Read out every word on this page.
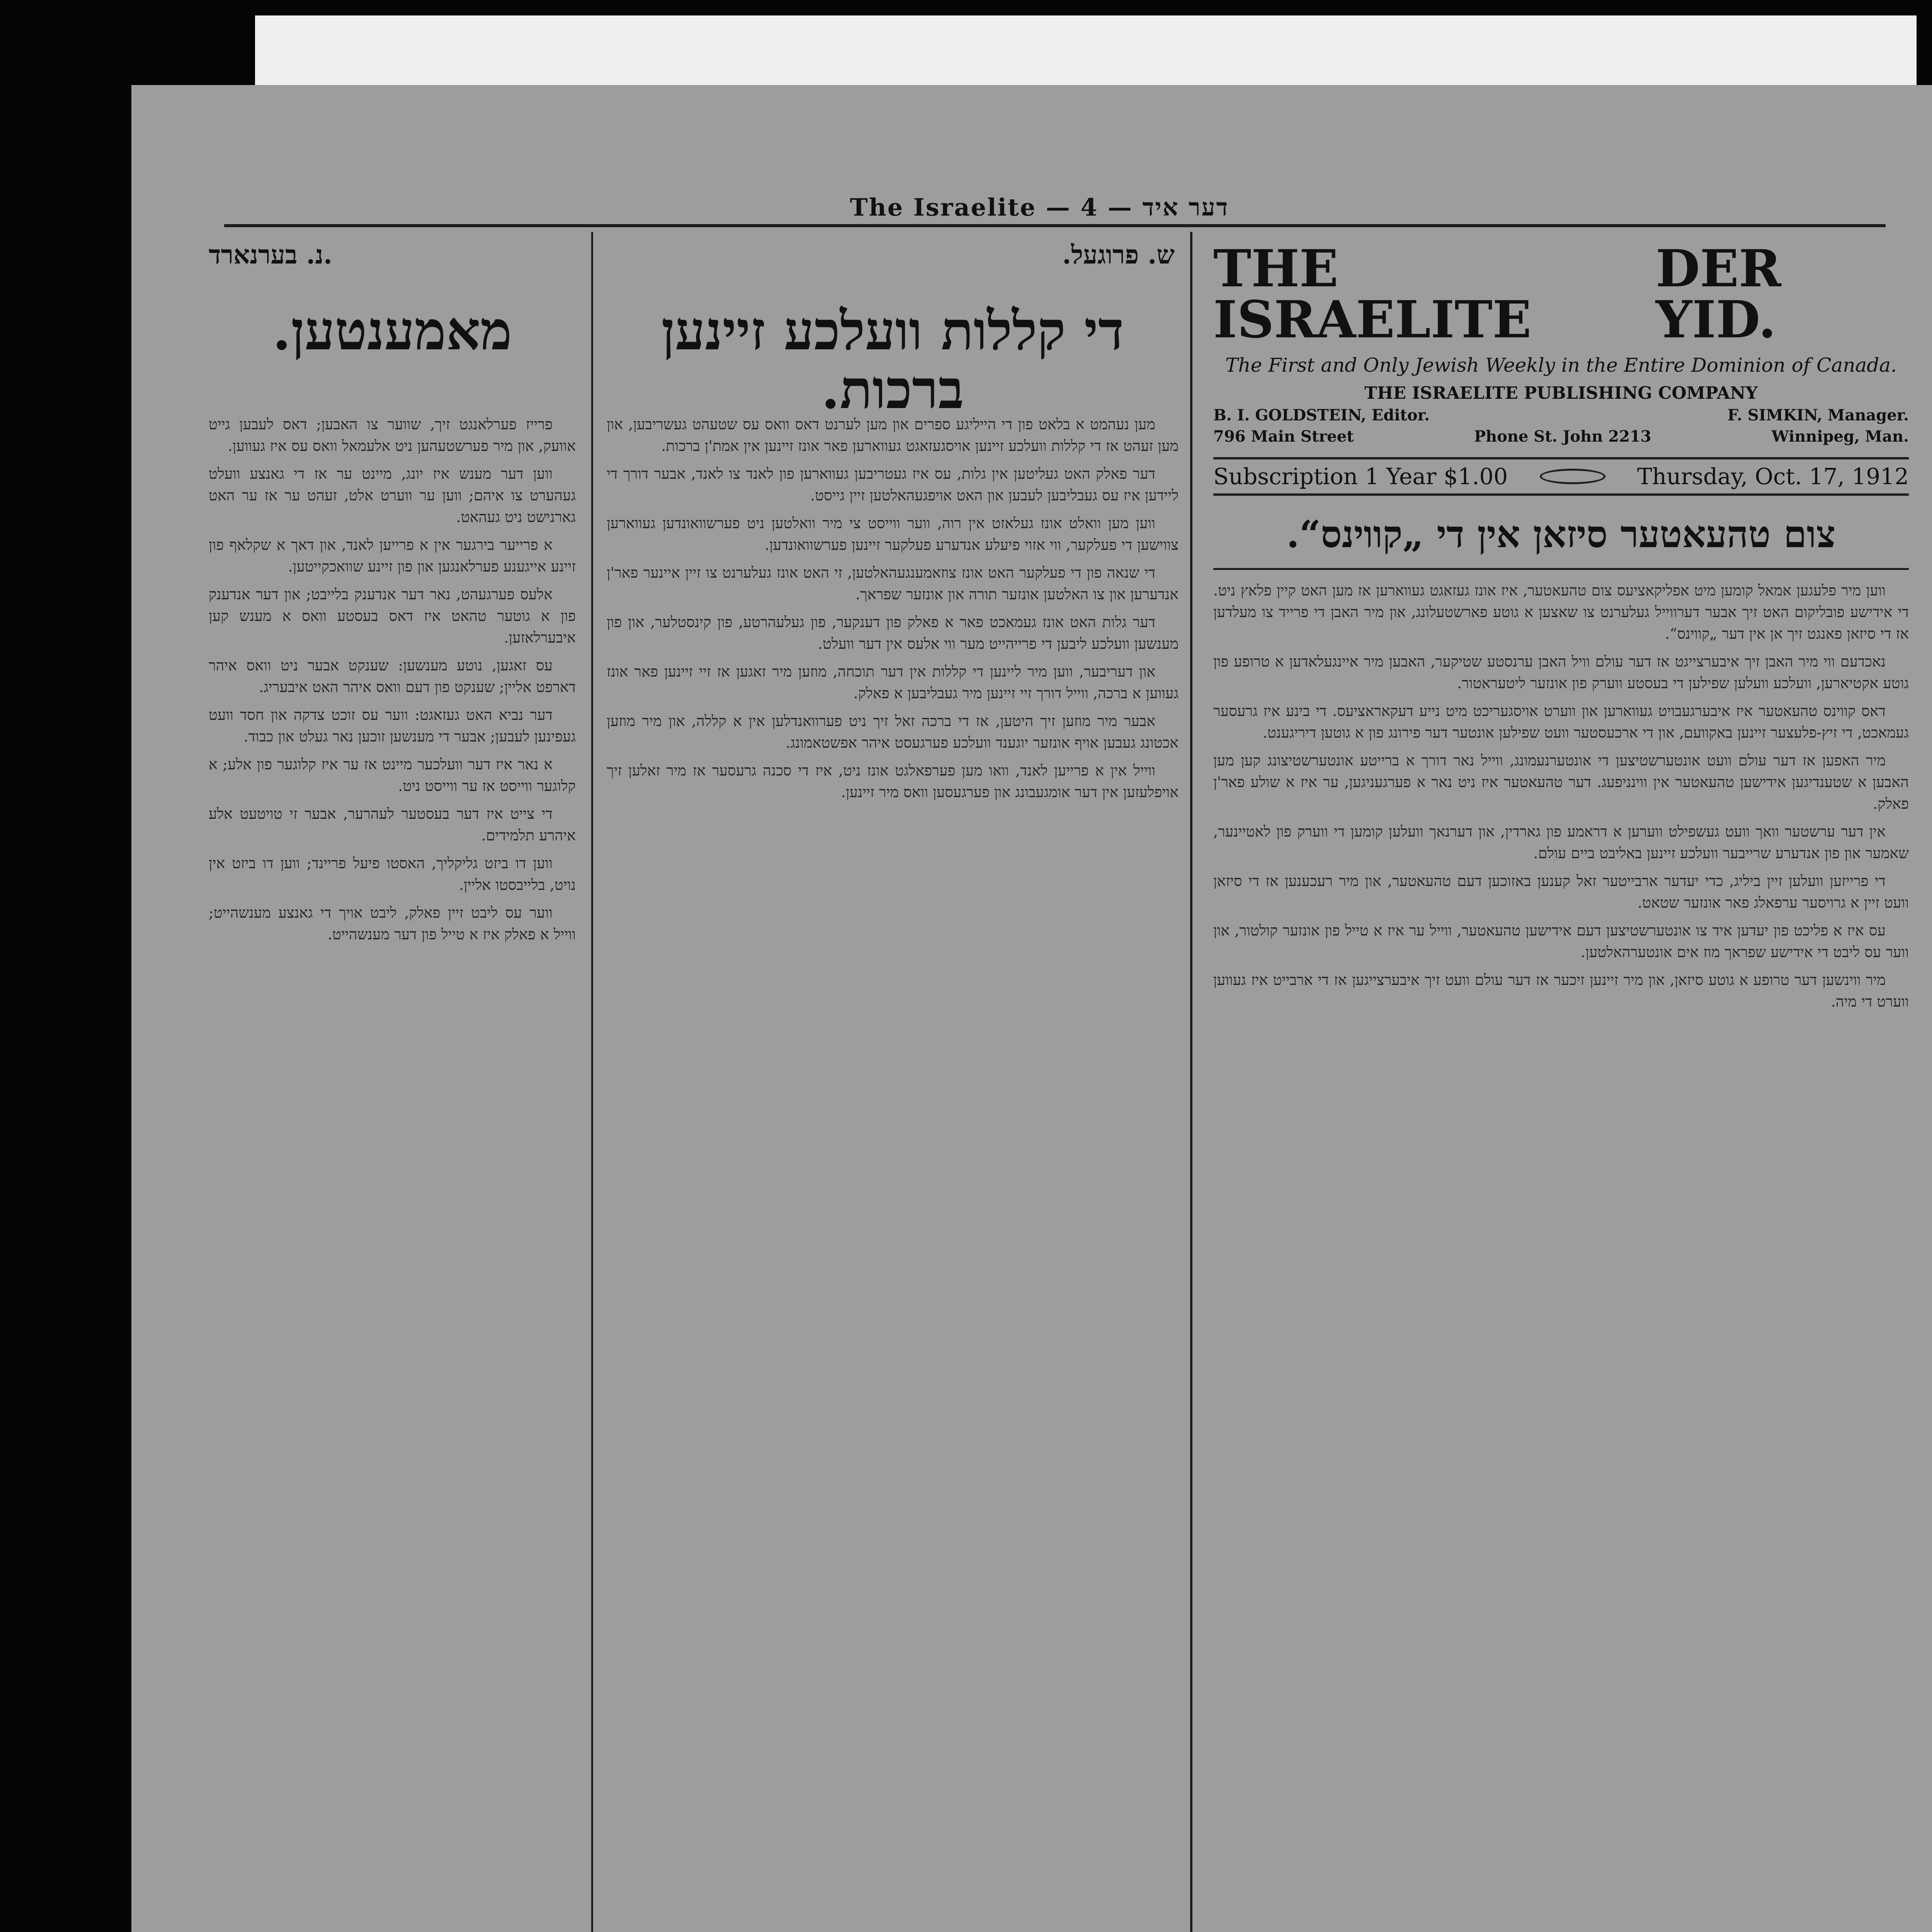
The Israelite — 4 — דער איד
THE ISRAELITE
DER YID.
The First and Only Jewish Weekly in the Entire Dominion of Canada.
THE ISRAELITE PUBLISHING COMPANY
B. I. GOLDSTEIN, Editor.	F. SIMKIN, Manager.
796 Main Street	Phone St. John 2213	Winnipeg, Man.
Subscription 1 Year $1.00	Thursday, Oct. 17, 1912
צום טהעאטער סיזאן אין די „קווינס“.

ווען מיר פלעגען אמאל קומען מיט אפליקאציעס צום טהעאטער, איז אונז געזאגט געווארען אז מען האט קיין פלאץ ניט. די אידישע פובליקום האט זיך אבער דערווייל געלערנט צו שאצען א גוטע פארשטעלונג, און מיר האבן די פרייד צו מעלדען אז די סיזאן פאנגט זיך אן אין דער „קווינס“.

נאכדעם ווי מיר האבן זיך איבערצייגט אז דער עולם וויל האבן ערנסטע שטיקער, האבען מיר איינגעלאדען א טרופע פון גוטע אקטיארען, וועלכע וועלען שפילען די בעסטע ווערק פון אונזער ליטעראטור.

דאס קווינס טהעאטער איז איבערגעבויט געווארען און ווערט אויסגעריכט מיט נייע דעקאראציעס. די בינע איז גרעסער געמאכט, די זיץ-פלעצער זיינען באקוועם, און די ארכעסטער וועט שפילען אונטער דער פירונג פון א גוטען דיריגענט.

מיר האפען אז דער עולם וועט אונטערשטיצען די אונטערנעמונג, ווייל נאר דורך א ברייטע אונטערשטיצונג קען מען האבען א שטענדיגען אידישען טהעאטער אין ווינניפעג. דער טהעאטער איז ניט נאר א פערגעניגען, ער איז א שולע פאר'ן פאלק.

אין דער ערשטער וואך וועט געשפילט ווערען א דראמע פון גארדין, און דערנאך וועלען קומען די ווערק פון לאטיינער, שאמער און פון אנדערע שרייבער וועלכע זיינען באליבט ביים עולם.

די פרייזען וועלען זיין ביליג, כדי יעדער ארבייטער זאל קענען באזוכען דעם טהעאטער, און מיר רעכענען אז די סיזאן וועט זיין א גרויסער ערפאלג פאר אונזער שטאט.

עס איז א פליכט פון יעדען איד צו אונטערשטיצען דעם אידישען טהעאטער, ווייל ער איז א טייל פון אונזער קולטור, און ווער עס ליבט די אידישע שפראך מוז אים אונטערהאלטען.

מיר ווינשען דער טרופע א גוטע סיזאן, און מיר זיינען זיכער אז דער עולם וועט זיך איבערצייגען אז די ארבייט איז געווען ווערט די מיה.

ש. פרוגעל.
די קללות וועלכע זיינען ברכות.

מען נעהמט א בלאט פון די הייליגע ספרים און מען לערנט דאס וואס עס שטעהט געשריבען, און מען זעהט אז די קללות וועלכע זיינען אויסגעזאגט געווארען פאר אונז זיינען אין אמת'ן ברכות.

דער פאלק האט געליטען אין גלות, עס איז געטריבען געווארען פון לאנד צו לאנד, אבער דורך די ליידען איז עס געבליבען לעבען און האט אויפגעהאלטען זיין גייסט.

ווען מען וואלט אונז געלאזט אין רוה, ווער ווייסט צי מיר וואלטען ניט פערשוואונדען געווארען צווישען די פעלקער, ווי אזוי פיעלע אנדערע פעלקער זיינען פערשוואונדען.

די שנאה פון די פעלקער האט אונז צוזאמענגעהאלטען, זי האט אונז געלערנט צו זיין איינער פאר'ן אנדערען און צו האלטען אונזער תורה און אונזער שפראך.

דער גלות האט אונז געמאכט פאר א פאלק פון דענקער, פון געלעהרטע, פון קינסטלער, און פון מענשען וועלכע ליבען די פרייהייט מער ווי אלעס אין דער וועלט.

און דעריבער, ווען מיר ליינען די קללות אין דער תוכחה, מוזען מיר זאגען אז זיי זיינען פאר אונז געווען א ברכה, ווייל דורך זיי זיינען מיר געבליבען א פאלק.

אבער מיר מוזען זיך היטען, אז די ברכה זאל זיך ניט פערוואנדלען אין א קללה, און מיר מוזען אכטונג געבען אויף אונזער יוגענד וועלכע פערגעסט איהר אפשטאמונג.

ווייל אין א פרייען לאנד, וואו מען פערפאלגט אונז ניט, איז די סכנה גרעסער אז מיר זאלען זיך אויפלעזען אין דער אומגעבונג און פערגעסען וואס מיר זיינען.

נ. בערנארד.
מאמענטען.

פרייז פערלאנגט זיך, שווער צו האבען; דאס לעבען גייט אוועק, און מיר פערשטעהען ניט אלעמאל וואס עס איז געווען.

ווען דער מענש איז יונג, מיינט ער אז די גאנצע וועלט געהערט צו איהם; ווען ער ווערט אלט, זעהט ער אז ער האט גארנישט ניט געהאט.

א פרייער בירגער אין א פרייען לאנד, און דאך א שקלאף פון זיינע אייגענע פערלאנגען און פון זיינע שוואכקייטען.

אלעס פערגעהט, נאר דער אנדענק בלייבט; און דער אנדענק פון א גוטער טהאט איז דאס בעסטע וואס א מענש קען איבערלאזען.

עס זאגען, נוטע מענשען: שענקט אבער ניט וואס איהר דארפט אליין; שענקט פון דעם וואס איהר האט איבעריג.

דער נביא האט געזאגט: ווער עס זוכט צדקה און חסד וועט געפינען לעבען; אבער די מענשען זוכען נאר געלט און כבוד.

א נאר איז דער וועלכער מיינט אז ער איז קלוגער פון אלע; א קלוגער ווייסט אז ער ווייסט ניט.

די צייט איז דער בעסטער לעהרער, אבער זי טויטעט אלע איהרע תלמידים.

ווען דו ביזט גליקליך, האסטו פיעל פריינד; ווען דו ביזט אין נויט, בלייבסטו אליין.

ווער עס ליבט זיין פאלק, ליבט אויך די גאנצע מענשהייט; ווייל א פאלק איז א טייל פון דער מענשהייט.
